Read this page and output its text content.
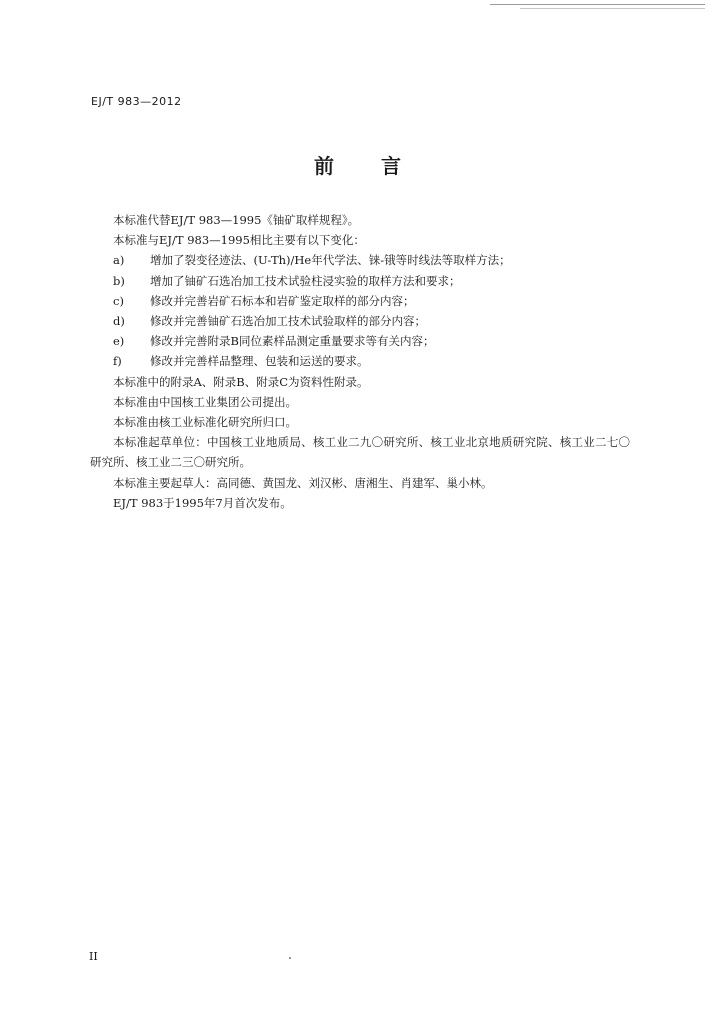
EJ/T 983—2012
前 言

本标准代替EJ/T 983—1995《铀矿取样规程》。

本标准与EJ/T 983—1995相比主要有以下变化：

a)	增加了裂变径迹法、(U-Th)/He年代学法、铼-锇等时线法等取样方法；
b)	增加了铀矿石选冶加工技术试验柱浸实验的取样方法和要求；
c)	修改并完善岩矿石标本和岩矿鉴定取样的部分内容；
d)	修改并完善铀矿石选冶加工技术试验取样的部分内容；
e)	修改并完善附录B同位素样品测定重量要求等有关内容；
f)	修改并完善样品整理、包装和运送的要求。

本标准中的附录A、附录B、附录C为资料性附录。

本标准由中国核工业集团公司提出。

本标准由核工业标准化研究所归口。

本标准起草单位：中国核工业地质局、核工业二九〇研究所、核工业北京地质研究院、核工业二七〇研究所、核工业二三〇研究所。

本标准主要起草人：高同德、黄国龙、刘汉彬、唐湘生、肖建军、巢小林。

EJ/T 983于1995年7月首次发布。

II
